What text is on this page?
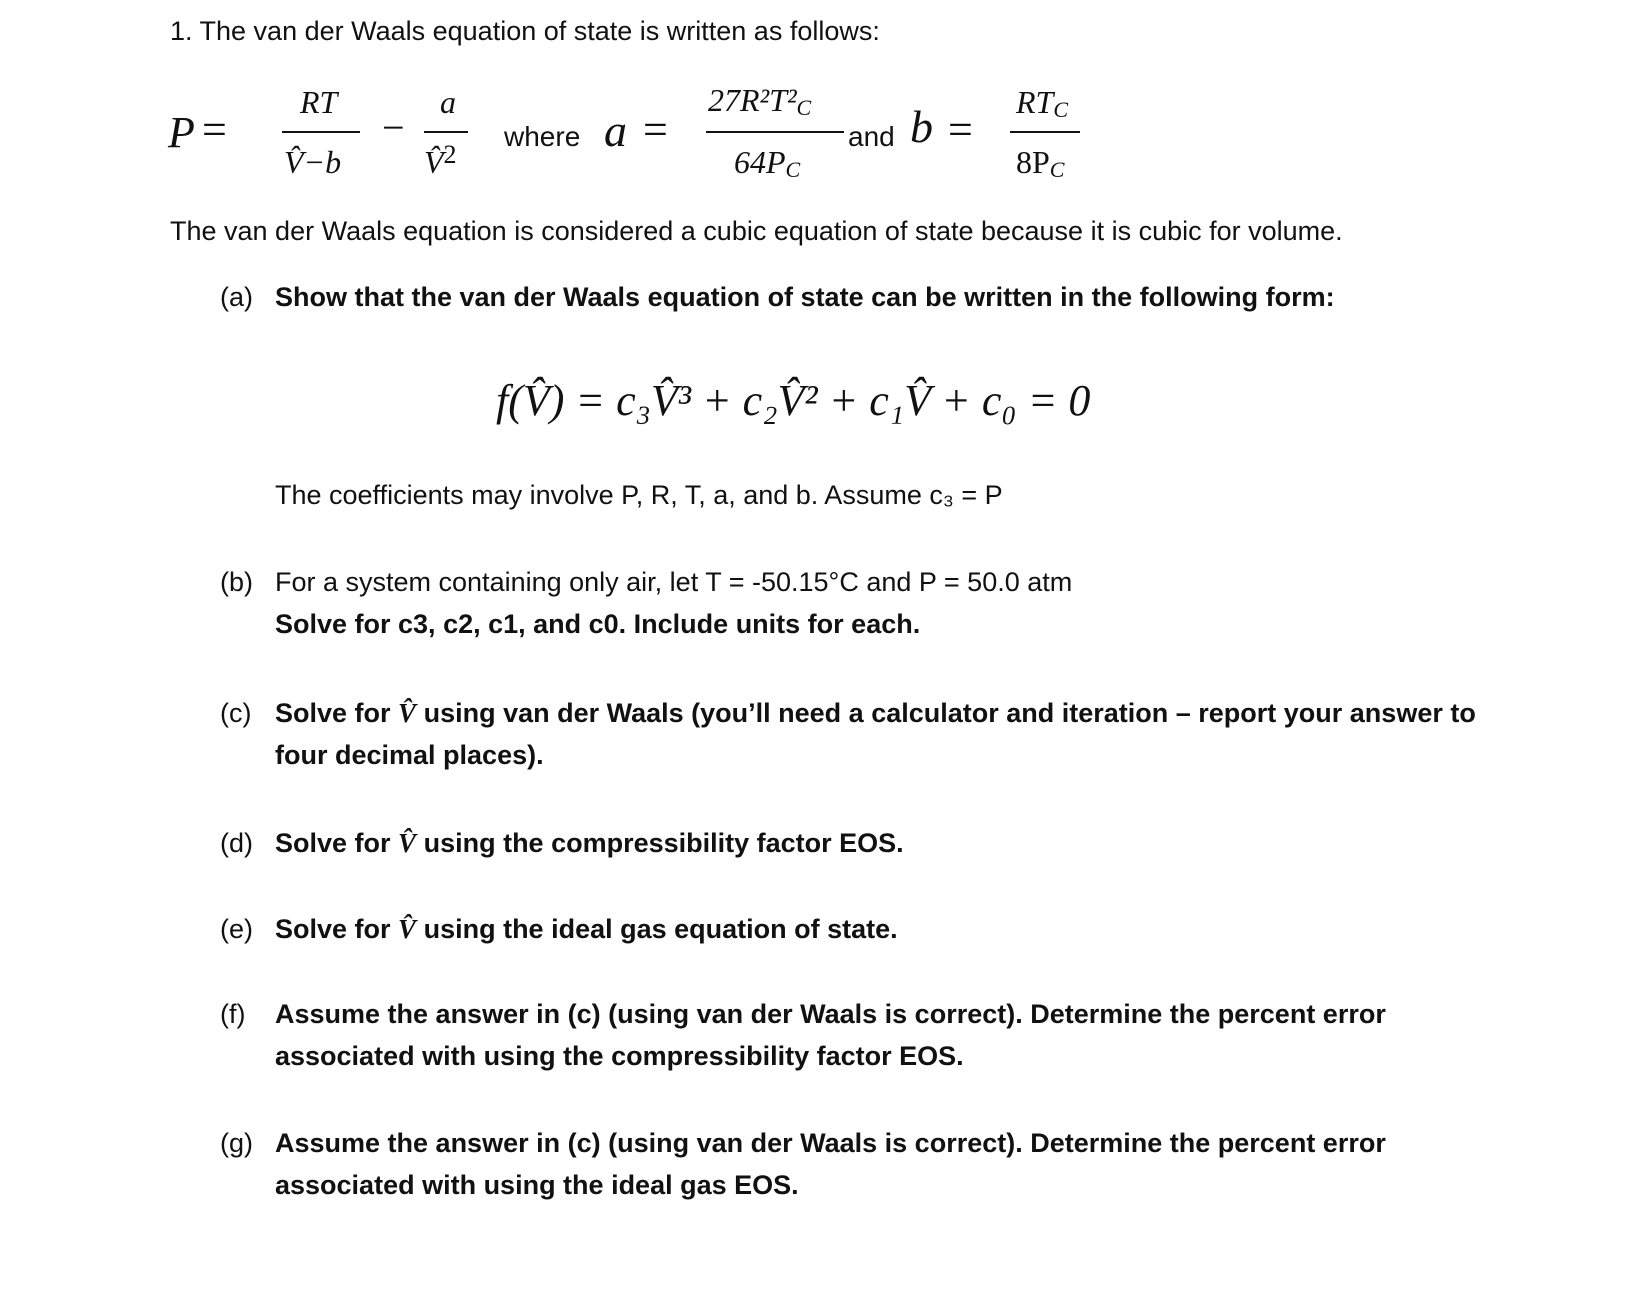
1. The van der Waals equation of state is written as follows:
P =
RT
V̂−b
−
a
V̂2
where a =
$27R^2T^2_C$
$64P_C$
and b =
$RT_C$
$8P_C$
The van der Waals equation is considered a cubic equation of state because it is cubic for volume.
(a) Show that the van der Waals equation of state can be written in the following form:
f(V̂) = c₃V̂³ + c₂V̂² + c₁V̂ + c₀ = 0
The coefficients may involve P, R, T, a, and b. Assume c₃ = P
(b) For a system containing only air, let T = -50.15°C and P = 50.0 atm
Solve for c3, c2, c1, and c0. Include units for each.
(c) Solve for V̂ using van der Waals (you’ll need a calculator and iteration – report your answer to
four decimal places).
(d) Solve for V̂ using the compressibility factor EOS.
(e) Solve for V̂ using the ideal gas equation of state.
(f) Assume the answer in (c) (using van der Waals is correct). Determine the percent error
associated with using the compressibility factor EOS.
(g) Assume the answer in (c) (using van der Waals is correct). Determine the percent error
associated with using the ideal gas EOS.
